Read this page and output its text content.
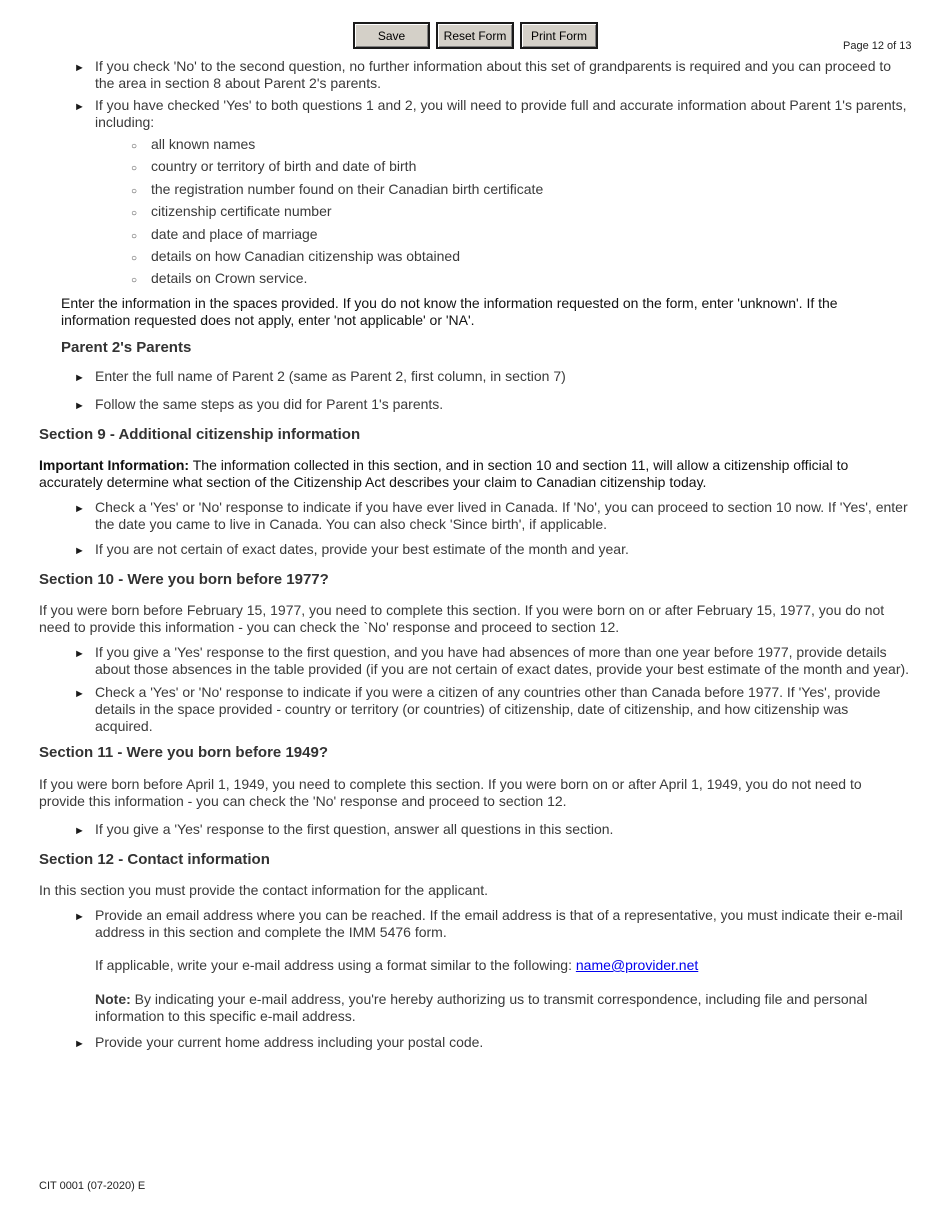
Save	Reset Form	Print Form
Page 12 of 13
► If you check 'No' to the second question, no further information about this set of grandparents is required and you can proceed to the area in section 8 about Parent 2's parents.

► If you have checked 'Yes' to both questions 1 and 2, you will need to provide full and accurate information about Parent 1's parents, including:

○ all known names

○ country or territory of birth and date of birth

○ the registration number found on their Canadian birth certificate

○ citizenship certificate number

○ date and place of marriage

○ details on how Canadian citizenship was obtained

○ details on Crown service.

Enter the information in the spaces provided. If you do not know the information requested on the form, enter 'unknown'. If the information requested does not apply, enter 'not applicable' or 'NA'.

Parent 2's Parents

► Enter the full name of Parent 2 (same as Parent 2, first column, in section 7)

► Follow the same steps as you did for Parent 1's parents.

Section 9 - Additional citizenship information

Important Information: The information collected in this section, and in section 10 and section 11, will allow a citizenship official to accurately determine what section of the Citizenship Act describes your claim to Canadian citizenship today.

► Check a 'Yes' or 'No' response to indicate if you have ever lived in Canada. If 'No', you can proceed to section 10 now. If 'Yes', enter the date you came to live in Canada. You can also check 'Since birth', if applicable.

► If you are not certain of exact dates, provide your best estimate of the month and year.

Section 10 - Were you born before 1977?

If you were born before February 15, 1977, you need to complete this section. If you were born on or after February 15, 1977, you do not need to provide this information - you can check the `No' response and proceed to section 12.

► If you give a 'Yes' response to the first question, and you have had absences of more than one year before 1977, provide details about those absences in the table provided (if you are not certain of exact dates, provide your best estimate of the month and year).

► Check a 'Yes' or 'No' response to indicate if you were a citizen of any countries other than Canada before 1977. If 'Yes', provide details in the space provided - country or territory (or countries) of citizenship, date of citizenship, and how citizenship was acquired.

Section 11 - Were you born before 1949?

If you were born before April 1, 1949, you need to complete this section. If you were born on or after April 1, 1949, you do not need to provide this information - you can check the 'No' response and proceed to section 12.

► If you give a 'Yes' response to the first question, answer all questions in this section.

Section 12 - Contact information

In this section you must provide the contact information for the applicant.

► Provide an email address where you can be reached. If the email address is that of a representative, you must indicate their e-mail address in this section and complete the IMM 5476 form.

If applicable, write your e-mail address using a format similar to the following: name@provider.net

Note: By indicating your e-mail address, you're hereby authorizing us to transmit correspondence, including file and personal information to this specific e-mail address.

► Provide your current home address including your postal code.

CIT 0001 (07-2020) E
